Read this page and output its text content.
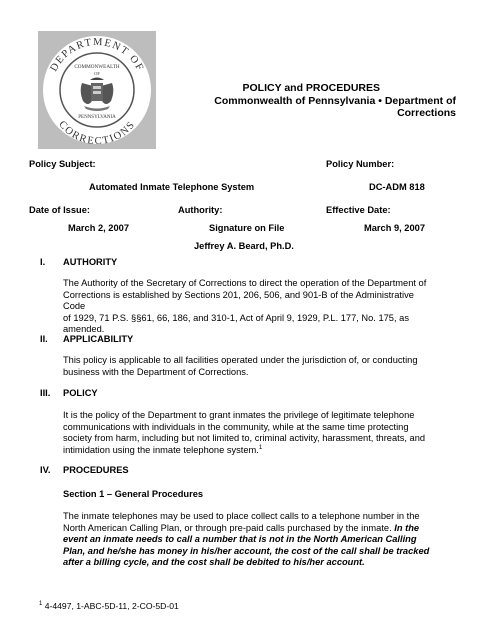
DEPARTMENT OF
CORRECTIONS
COMMONWEALTH
OF
PENNSYLVANIA
POLICY and PROCEDURES
Commonwealth of Pennsylvania • Department of Corrections
Policy Subject:	Policy Number:
Automated Inmate Telephone System	DC-ADM 818
Date of Issue:	Authority:	Effective Date:
March 2, 2007	Signature on File	March 9, 2007
Jeffrey A. Beard, Ph.D.
I. AUTHORITY
The Authority of the Secretary of Corrections to direct the operation of the Department of
Corrections is established by Sections 201, 206, 506, and 901-B of the Administrative Code
of 1929, 71 P.S. §§61, 66, 186, and 310-1, Act of April 9, 1929, P.L. 177, No. 175, as
amended.
II. APPLICABILITY
This policy is applicable to all facilities operated under the jurisdiction of, or conducting
business with the Department of Corrections.
III. POLICY
It is the policy of the Department to grant inmates the privilege of legitimate telephone
communications with individuals in the community, while at the same time protecting
society from harm, including but not limited to, criminal activity, harassment, threats, and
intimidation using the inmate telephone system.$^1$
IV. PROCEDURES
Section 1 – General Procedures
The inmate telephones may be used to place collect calls to a telephone number in the
North American Calling Plan, or through pre-paid calls purchased by the inmate. In the
event an inmate needs to call a number that is not in the North American Calling
Plan, and he/she has money in his/her account, the cost of the call shall be tracked
after a billing cycle, and the cost shall be debited to his/her account.
$^1$ 4-4497, 1-ABC-5D-11, 2-CO-5D-01
